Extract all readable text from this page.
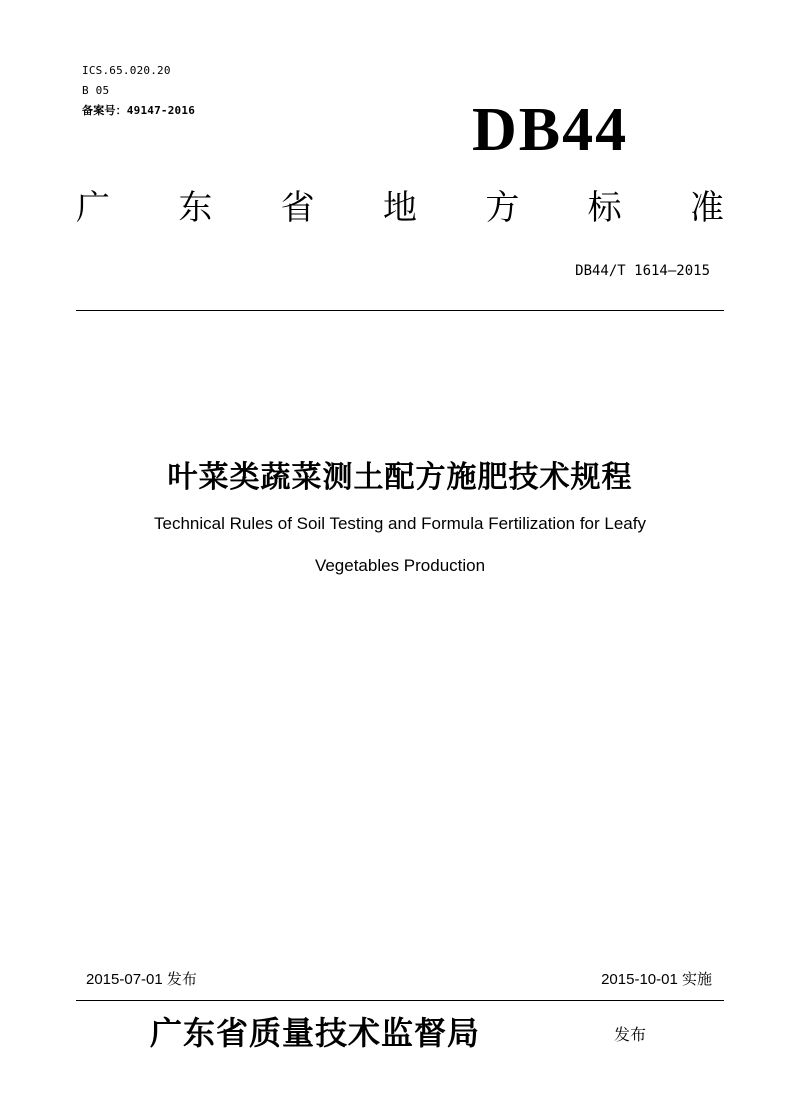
ICS.65.020.20
B 05
备案号：49147-2016	DB44
广 东 省 地 方 标 准
DB44/T 1614—2015
叶菜类蔬菜测土配方施肥技术规程
Technical Rules of Soil Testing and Formula Fertilization for Leafy
Vegetables Production
2015-07-01 发布	2015-10-01 实施
广东省质量技术监督局	发布
